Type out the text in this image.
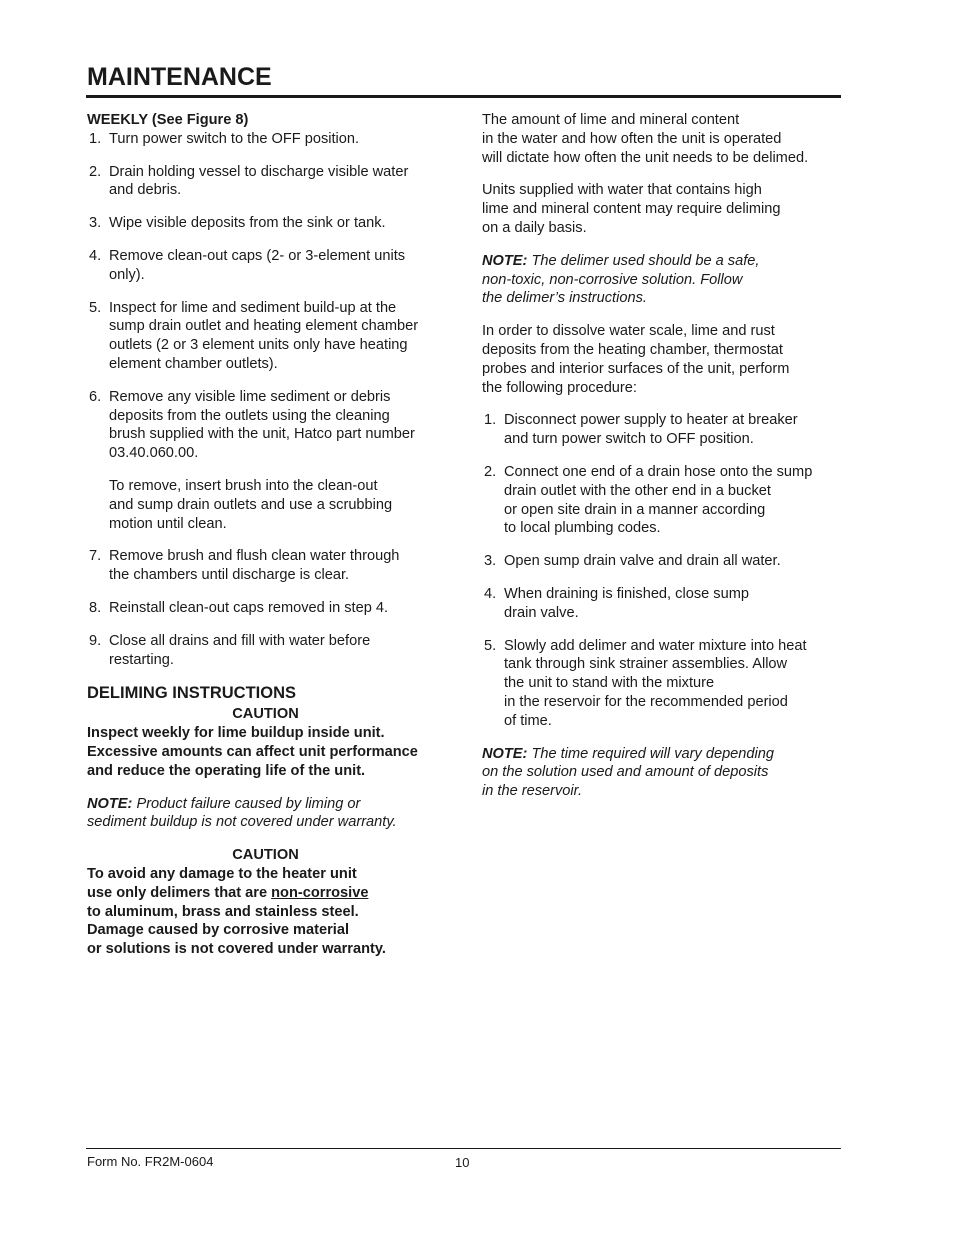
MAINTENANCE
WEEKLY (See Figure 8)
1. Turn power switch to the OFF position.
2. Drain holding vessel to discharge visible water
and debris.
3. Wipe visible deposits from the sink or tank.
4. Remove clean-out caps (2- or 3-element units
only).
5. Inspect for lime and sediment build-up at the
sump drain outlet and heating element chamber
outlets (2 or 3 element units only have heating
element chamber outlets).
6. Remove any visible lime sediment or debris
deposits from the outlets using the cleaning
brush supplied with the unit, Hatco part number
03.40.060.00.
To remove, insert brush into the clean-out
and sump drain outlets and use a scrubbing
motion until clean.
7. Remove brush and flush clean water through
the chambers until discharge is clear.
8. Reinstall clean-out caps removed in step 4.
9. Close all drains and fill with water before
restarting.
DELIMING INSTRUCTIONS
CAUTION

Inspect weekly for lime buildup inside unit.
Excessive amounts can affect unit performance
and reduce the operating life of the unit.

NOTE: Product failure caused by liming or
sediment buildup is not covered under warranty.

CAUTION

To avoid any damage to the heater unit
use only delimers that are non-corrosive
to aluminum, brass and stainless steel.
Damage caused by corrosive material
or solutions is not covered under warranty.

The amount of lime and mineral content
in the water and how often the unit is operated
will dictate how often the unit needs to be delimed.

Units supplied with water that contains high
lime and mineral content may require deliming
on a daily basis.

NOTE: The delimer used should be a safe,
non-toxic, non-corrosive solution. Follow
the delimer’s instructions.

In order to dissolve water scale, lime and rust
deposits from the heating chamber, thermostat
probes and interior surfaces of the unit, perform
the following procedure:

1. Disconnect power supply to heater at breaker
and turn power switch to OFF position.
2. Connect one end of a drain hose onto the sump
drain outlet with the other end in a bucket
or open site drain in a manner according
to local plumbing codes.
3. Open sump drain valve and drain all water.
4. When draining is finished, close sump
drain valve.
5. Slowly add delimer and water mixture into heat
tank through sink strainer assemblies. Allow
the unit to stand with the mixture
in the reservoir for the recommended period
of time.

NOTE: The time required will vary depending
on the solution used and amount of deposits
in the reservoir.

Form No. FR2M-0604	10
